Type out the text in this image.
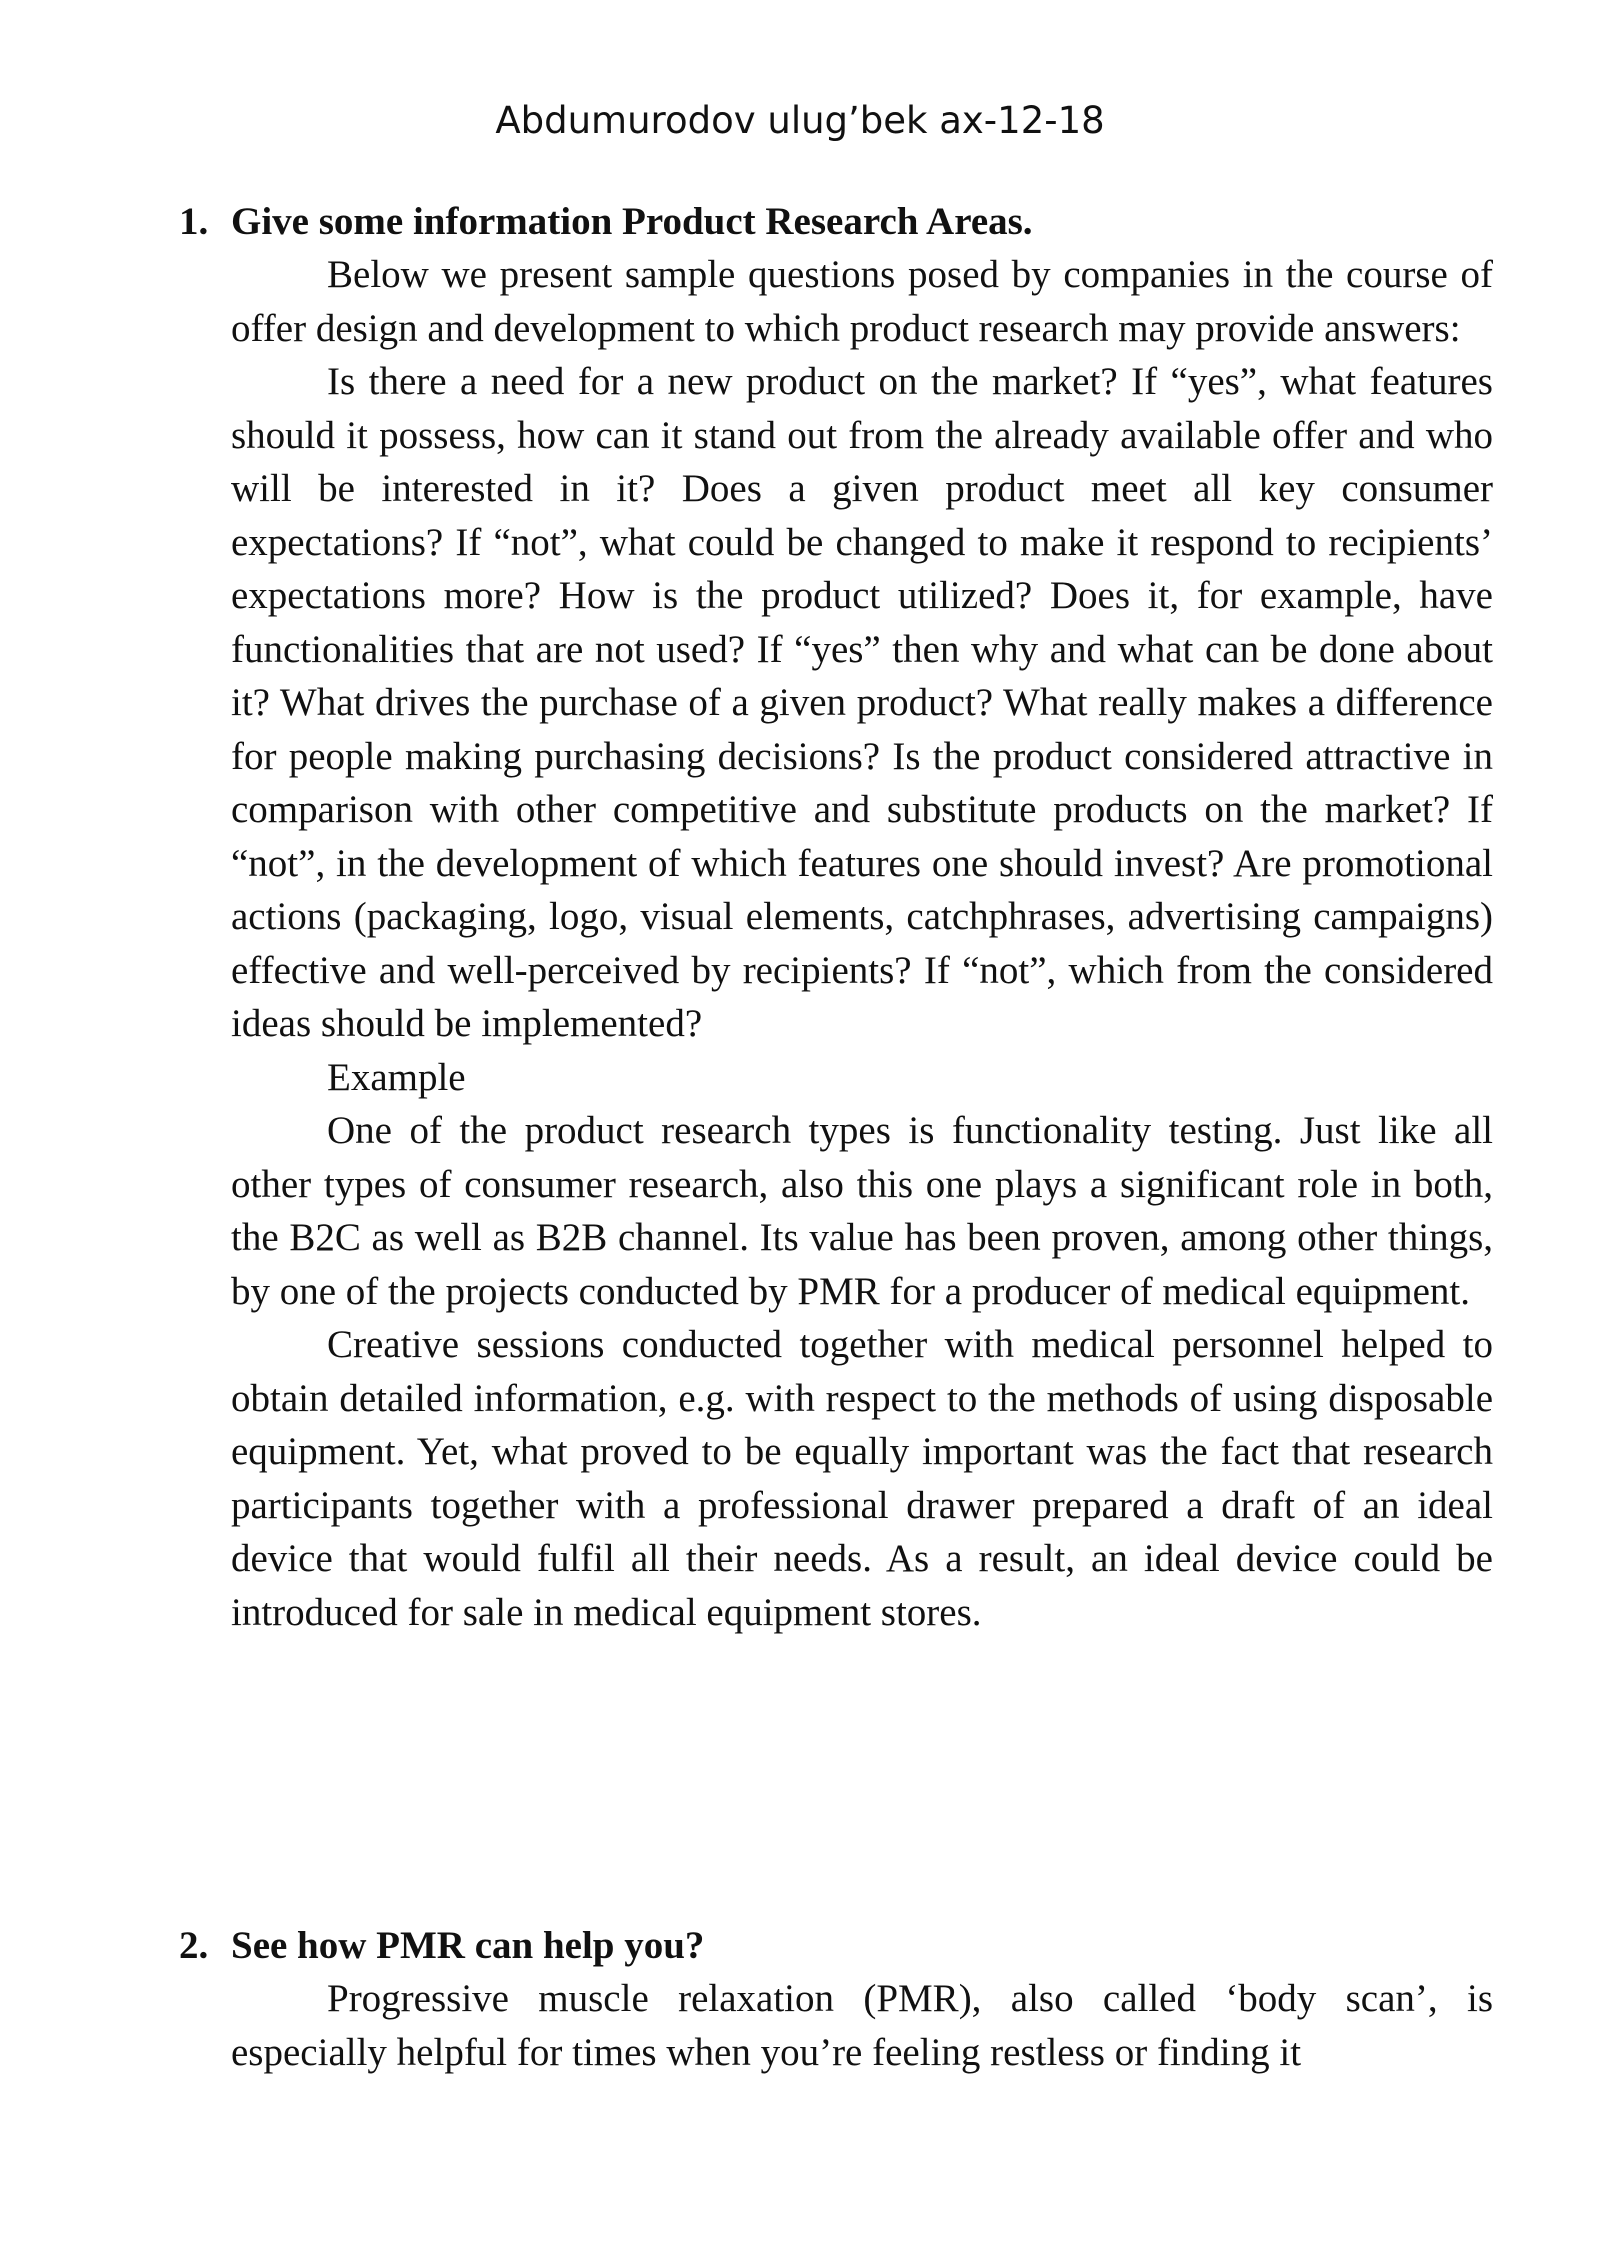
Abdumurodov ulug’bek ax-12-18
1. Give some information Product Research Areas.

Below we present sample questions posed by companies in the course of offer design and development to which product research may provide answers:

Is there a need for a new product on the market? If “yes”, what features should it possess, how can it stand out from the already available offer and who will be interested in it? Does a given product meet all key consumer expectations? If “not”, what could be changed to make it respond to recipients’ expectations more? How is the product utilized? Does it, for example, have functionalities that are not used? If “yes” then why and what can be done about it? What drives the purchase of a given product? What really makes a difference for people making purchasing decisions? Is the product considered attractive in comparison with other competitive and substitute products on the market? If “not”, in the development of which features one should invest? Are promotional actions (packaging, logo, visual elements, catchphrases, advertising campaigns) effective and well-perceived by recipients? If “not”, which from the considered ideas should be implemented?

Example

One of the product research types is functionality testing. Just like all other types of consumer research, also this one plays a significant role in both, the B2C as well as B2B channel. Its value has been proven, among other things, by one of the projects conducted by PMR for a producer of medical equipment.

Creative sessions conducted together with medical personnel helped to obtain detailed information, e.g. with respect to the methods of using disposable equipment. Yet, what proved to be equally important was the fact that research participants together with a professional drawer prepared a draft of an ideal device that would fulfil all their needs. As a result, an ideal device could be introduced for sale in medical equipment stores.

2. See how PMR can help you?

Progressive muscle relaxation (PMR), also called ‘body scan’, is especially helpful for times when you’re feeling restless or finding it
